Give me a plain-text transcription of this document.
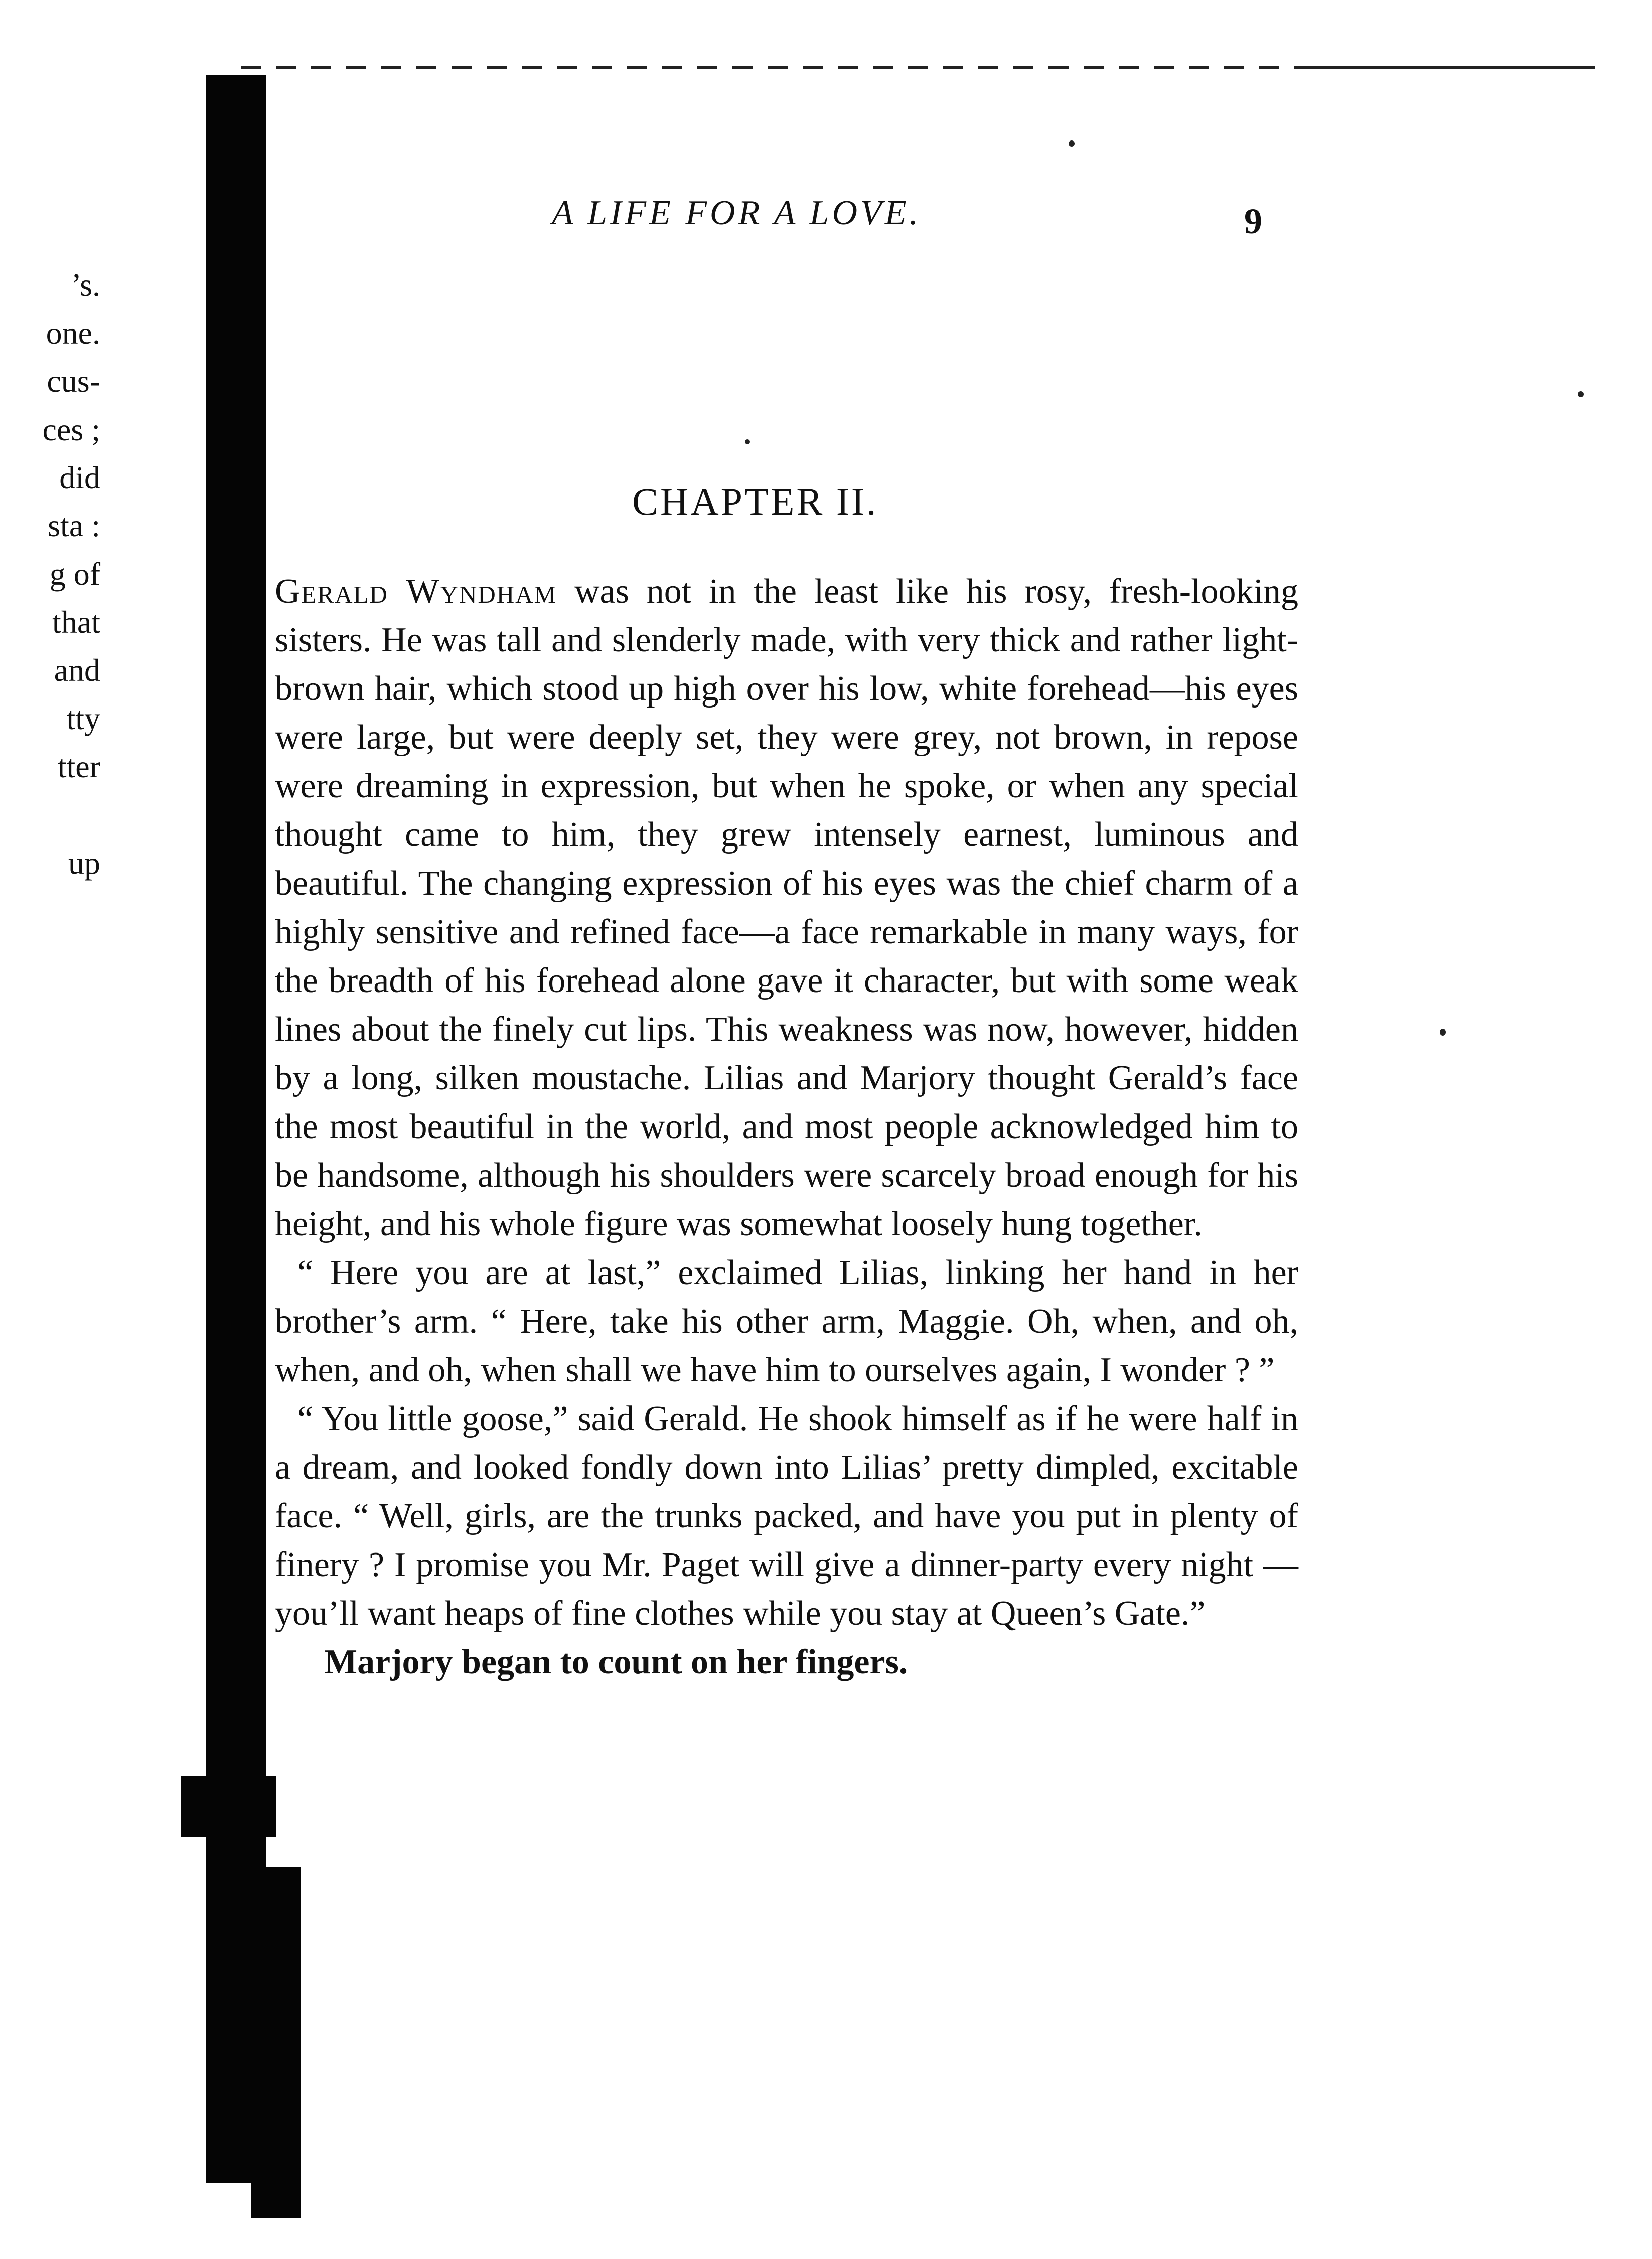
’s.
one.
cus-
ces ;
did
sta :
g of
that
and
tty
tter

up
A LIFE FOR A LOVE.	9
CHAPTER II.

Gerald Wyndham was not in the least like his rosy, fresh-looking sisters. He was tall and slenderly made, with very thick and rather light-brown hair, which stood up high over his low, white forehead—his eyes were large, but were deeply set, they were grey, not brown, in repose were dreaming in expression, but when he spoke, or when any special thought came to him, they grew intensely earnest, luminous and beautiful. The changing expression of his eyes was the chief charm of a highly sensitive and refined face—a face remarkable in many ways, for the breadth of his forehead alone gave it character, but with some weak lines about the finely cut lips. This weakness was now, however, hidden by a long, silken moustache. Lilias and Marjory thought Gerald’s face the most beautiful in the world, and most people acknowledged him to be handsome, although his shoulders were scarcely broad enough for his height, and his whole figure was somewhat loosely hung together.

“ Here you are at last,” exclaimed Lilias, linking her hand in her brother’s arm. “ Here, take his other arm, Maggie. Oh, when, and oh, when, and oh, when shall we have him to ourselves again, I wonder ? ”

“ You little goose,” said Gerald. He shook himself as if he were half in a dream, and looked fondly down into Lilias’ pretty dimpled, excitable face. “ Well, girls, are the trunks packed, and have you put in plenty of finery ? I promise you Mr. Paget will give a dinner-party every night —you’ll want heaps of fine clothes while you stay at Queen’s Gate.”

Marjory began to count on her fingers.
